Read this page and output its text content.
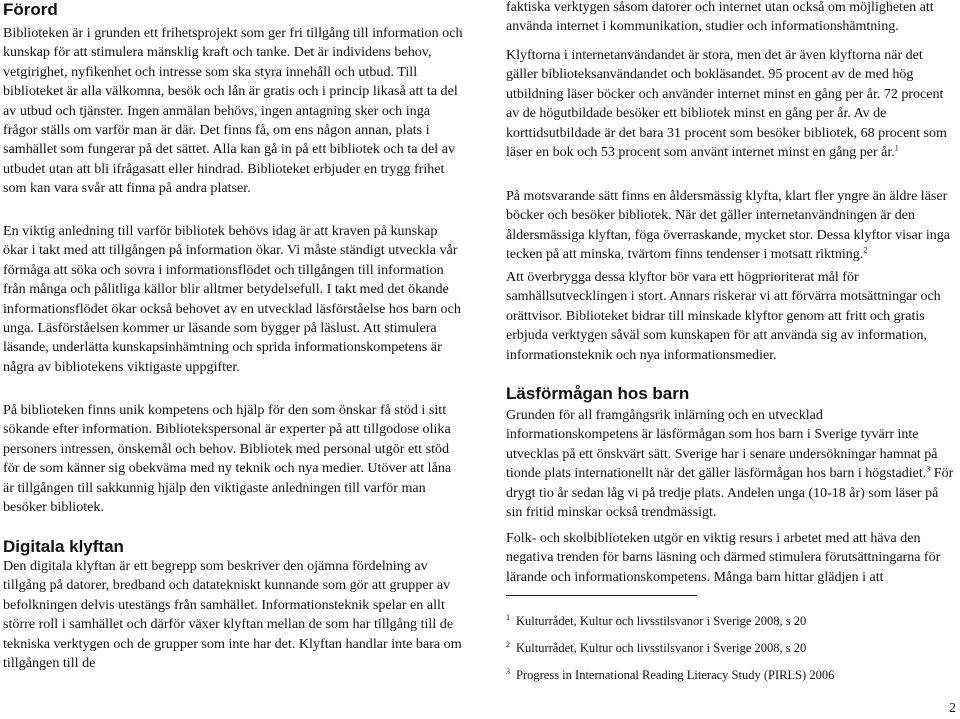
Förord

Biblioteken är i grunden ett frihetsprojekt som ger fri tillgång till information och kunskap för att stimulera mänsklig kraft och tanke. Det är individens behov, vetgirighet, nyfikenhet och intresse som ska styra innehåll och utbud. Till biblioteket är alla välkomna, besök och lån är gratis och i princip likaså att ta del av utbud och tjänster. Ingen anmälan behövs, ingen antagning sker och inga frågor ställs om varför man är där. Det finns få, om ens någon annan, plats i samhället som fungerar på det sättet. Alla kan gå in på ett bibliotek och ta del av utbudet utan att bli ifrågasatt eller hindrad. Biblioteket erbjuder en trygg frihet som kan vara svår att finna på andra platser.

En viktig anledning till varför bibliotek behövs idag är att kraven på kunskap ökar i takt med att tillgången på information ökar. Vi måste ständigt utveckla vår förmåga att söka och sovra i informationsflödet och tillgången till information från många och pålitliga källor blir alltmer betydelsefull. I takt med det ökande informationsflödet ökar också behovet av en utvecklad läsförståelse hos barn och unga. Läsförståelsen kommer ur läsande som bygger på läslust. Att stimulera läsande, underlätta kunskapsinhämtning och sprida informationskompetens är några av bibliotekens viktigaste uppgifter.

På biblioteken finns unik kompetens och hjälp för den som önskar få stöd i sitt sökande efter information. Bibliotekspersonal är experter på att tillgodose olika personers intressen, önskemål och behov. Bibliotek med personal utgör ett stöd för de som känner sig obekväma med ny teknik och nya medier. Utöver att låna är tillgången till sakkunnig hjälp den viktigaste anledningen till varför man besöker bibliotek.

Digitala klyftan

Den digitala klyftan är ett begrepp som beskriver den ojämna fördelning av tillgång på datorer, bredband och datatekniskt kunnande som gör att grupper av befolkningen delvis utestängs från samhället. Informationsteknik spelar en allt större roll i samhället och därför växer klyftan mellan de som har tillgång till de tekniska verktygen och de grupper som inte har det. Klyftan handlar inte bara om tillgången till de

faktiska verktygen såsom datorer och internet utan också om möjligheten att använda internet i kommunikation, studier och informationshämtning.

Klyftorna i internetanvändandet är stora, men det är även klyftorna när det gäller biblioteksanvändandet och bokläsandet. 95 procent av de med hög utbildning läser böcker och använder internet minst en gång per år. 72 procent av de högutbildade besöker ett bibliotek minst en gång per år. Av de korttidsutbildade är det bara 31 procent som besöker bibliotek, 68 procent som läser en bok och 53 procent som använt internet minst en gång per år.$^1$

På motsvarande sätt finns en åldersmässig klyfta, klart fler yngre än äldre läser böcker och besöker bibliotek. När det gäller internetanvändningen är den åldersmässiga klyftan, föga överraskande, mycket stor. Dessa klyftor visar inga tecken på att minska, tvärtom finns tendenser i motsatt riktning.$^2$

Att överbrygga dessa klyftor bör vara ett högprioriterat mål för samhällsutvecklingen i stort. Annars riskerar vi att förvärra motsättningar och orättvisor. Biblioteket bidrar till minskade klyftor genom att fritt och gratis erbjuda verktygen såväl som kunskapen för att använda sig av information, informationsteknik och nya informationsmedier.

Läsförmågan hos barn

Grunden för all framgångsrik inlärning och en utvecklad informationskompetens är läsförmågan som hos barn i Sverige tyvärr inte utvecklas på ett önskvärt sätt. Sverige har i senare undersökningar hamnat på tionde plats internationellt när det gäller läsförmågan hos barn i högstadiet.$^3$ För drygt tio år sedan låg vi på tredje plats. Andelen unga (10-18 år) som läser på sin fritid minskar också trendmässigt.

Folk- och skolbiblioteken utgör en viktig resurs i arbetet med att häva den negativa trenden för barns läsning och därmed stimulera förutsättningarna för lärande och informationskompetens. Många barn hittar glädjen i att

$^1$ Kulturrådet, Kultur och livsstilsvanor i Sverige 2008, s 20
$^2$ Kulturrådet, Kultur och livsstilsvanor i Sverige 2008, s 20
$^3$ Progress in International Reading Literacy Study (PIRLS) 2006
2
